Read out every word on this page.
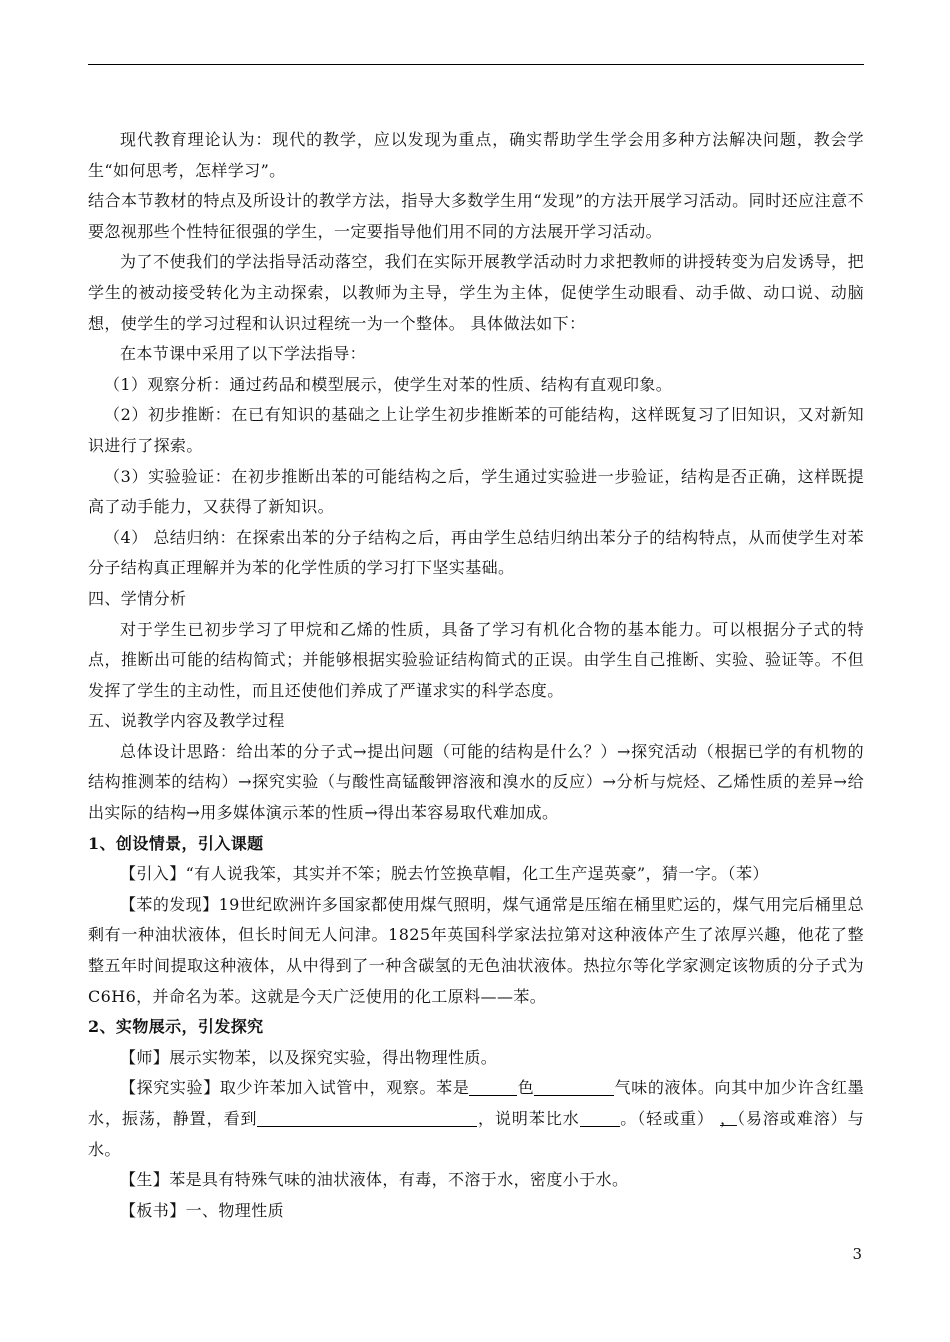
现代教育理论认为：现代的教学，应以发现为重点，确实帮助学生学会用多种方法解决问题，教会学生“如何思考，怎样学习”。

结合本节教材的特点及所设计的教学方法，指导大多数学生用“发现”的方法开展学习活动。同时还应注意不要忽视那些个性特征很强的学生，一定要指导他们用不同的方法展开学习活动。

为了不使我们的学法指导活动落空，我们在实际开展教学活动时力求把教师的讲授转变为启发诱导，把学生的被动接受转化为主动探索，以教师为主导，学生为主体，促使学生动眼看、动手做、动口说、动脑想，使学生的学习过程和认识过程统一为一个整体。 具体做法如下：

在本节课中采用了以下学法指导：

（1）观察分析：通过药品和模型展示，使学生对苯的性质、结构有直观印象。

（2）初步推断：在已有知识的基础之上让学生初步推断苯的可能结构，这样既复习了旧知识，又对新知识进行了探索。

（3）实验验证：在初步推断出苯的可能结构之后，学生通过实验进一步验证，结构是否正确，这样既提高了动手能力，又获得了新知识。

（4） 总结归纳：在探索出苯的分子结构之后，再由学生总结归纳出苯分子的结构特点，从而使学生对苯分子结构真正理解并为苯的化学性质的学习打下坚实基础。

四、学情分析

对于学生已初步学习了甲烷和乙烯的性质，具备了学习有机化合物的基本能力。可以根据分子式的特点，推断出可能的结构简式；并能够根据实验验证结构简式的正误。由学生自己推断、实验、验证等。不但发挥了学生的主动性，而且还使他们养成了严谨求实的科学态度。

五、说教学内容及教学过程

总体设计思路：给出苯的分子式→提出问题（可能的结构是什么？）→探究活动（根据已学的有机物的结构推测苯的结构）→探究实验（与酸性高锰酸钾溶液和溴水的反应）→分析与烷烃、乙烯性质的差异→给出实际的结构→用多媒体演示苯的性质→得出苯容易取代难加成。

1、创设情景，引入课题

【引入】“有人说我笨，其实并不笨；脱去竹笠换草帽，化工生产逞英豪”，猜一字。（苯）

【苯的发现】19世纪欧洲许多国家都使用煤气照明，煤气通常是压缩在桶里贮运的，煤气用完后桶里总剩有一种油状液体，但长时间无人问津。1825年英国科学家法拉第对这种液体产生了浓厚兴趣，他花了整整五年时间提取这种液体，从中得到了一种含碳氢的无色油状液体。热拉尔等化学家测定该物质的分子式为C6H6，并命名为苯。这就是今天广泛使用的化工原料——苯。

2、实物展示，引发探究

【师】展示实物苯，以及探究实验，得出物理性质。

【探究实验】取少许苯加入试管中，观察。苯是	色	气味的液体。向其中加少许含红墨水，振荡，静置，看到	，说明苯比水	。（轻或重） ，（易溶或难溶）与水。

【生】苯是具有特殊气味的油状液体，有毒，不溶于水，密度小于水。

【板书】一、物理性质

3
